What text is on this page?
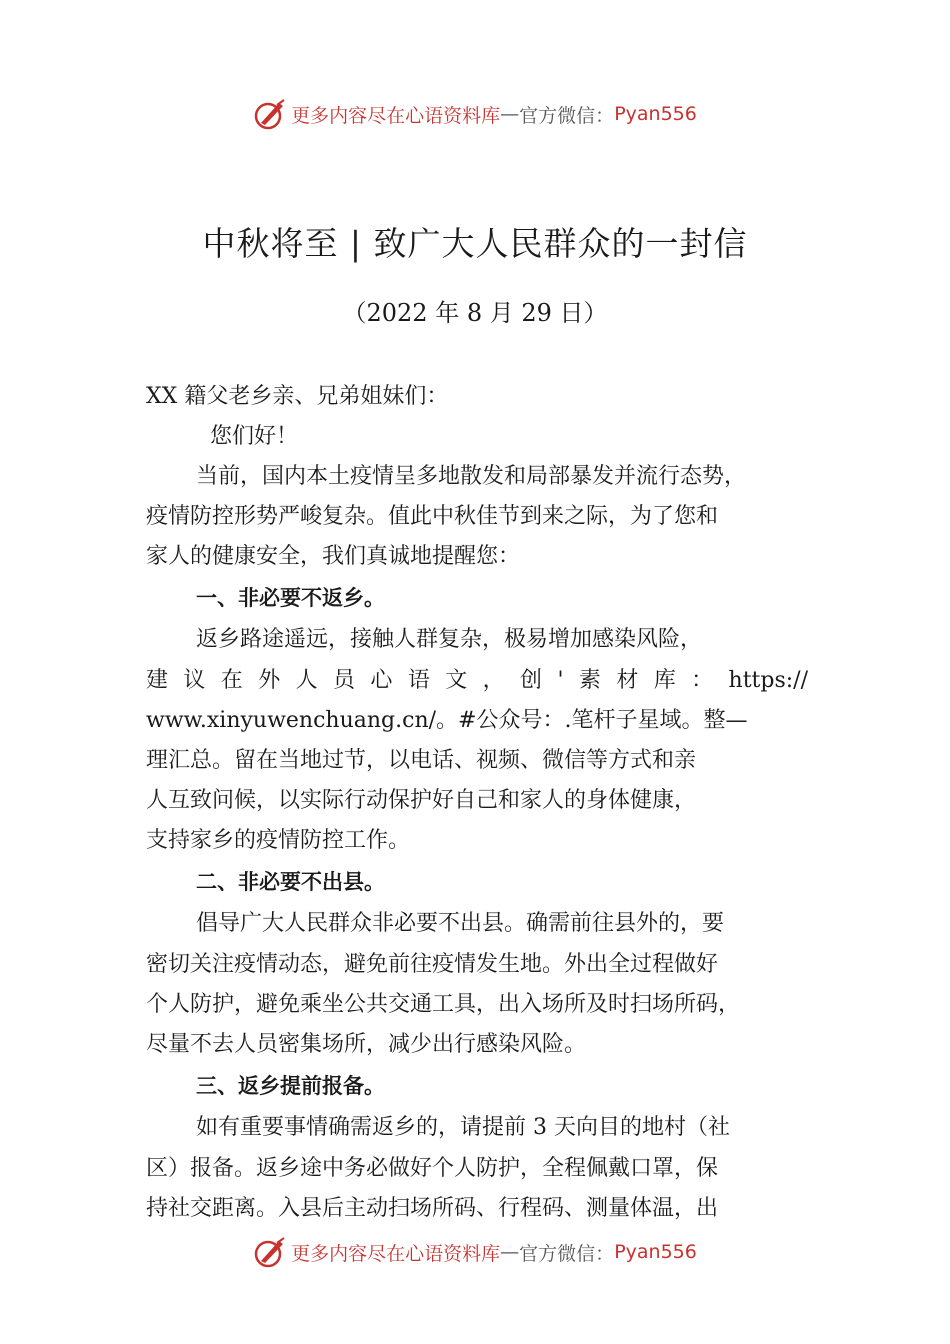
更多内容尽在心语资料库 — 官方微信： Pyan556
中秋将至 | 致广大人民群众的一封信

（2022 年 8 月 29 日）

XX 籍父老乡亲、兄弟姐妹们：
您们好！
当前，国内本土疫情呈多地散发和局部暴发并流行态势，
疫情防控形势严峻复杂。值此中秋佳节到来之际，为了您和
家人的健康安全，我们真诚地提醒您：
一、非必要不返乡。
返乡路途遥远，接触人群复杂，极易增加感染风险，
建议在外人员心语文，创'素材库：https://
www.xinyuwenchuang.cn/。#公众号：.笔杆子星域。整—
理汇总。留在当地过节，以电话、视频、微信等方式和亲
人互致问候，以实际行动保护好自己和家人的身体健康，
支持家乡的疫情防控工作。
二、非必要不出县。
倡导广大人民群众非必要不出县。确需前往县外的，要
密切关注疫情动态，避免前往疫情发生地。外出全过程做好
个人防护，避免乘坐公共交通工具，出入场所及时扫场所码，
尽量不去人员密集场所，减少出行感染风险。
三、返乡提前报备。
如有重要事情确需返乡的，请提前 3 天向目的地村（社
区）报备。返乡途中务必做好个人防护，全程佩戴口罩，保
持社交距离。入县后主动扫场所码、行程码、测量体温，出
更多内容尽在心语资料库 — 官方微信： Pyan556
